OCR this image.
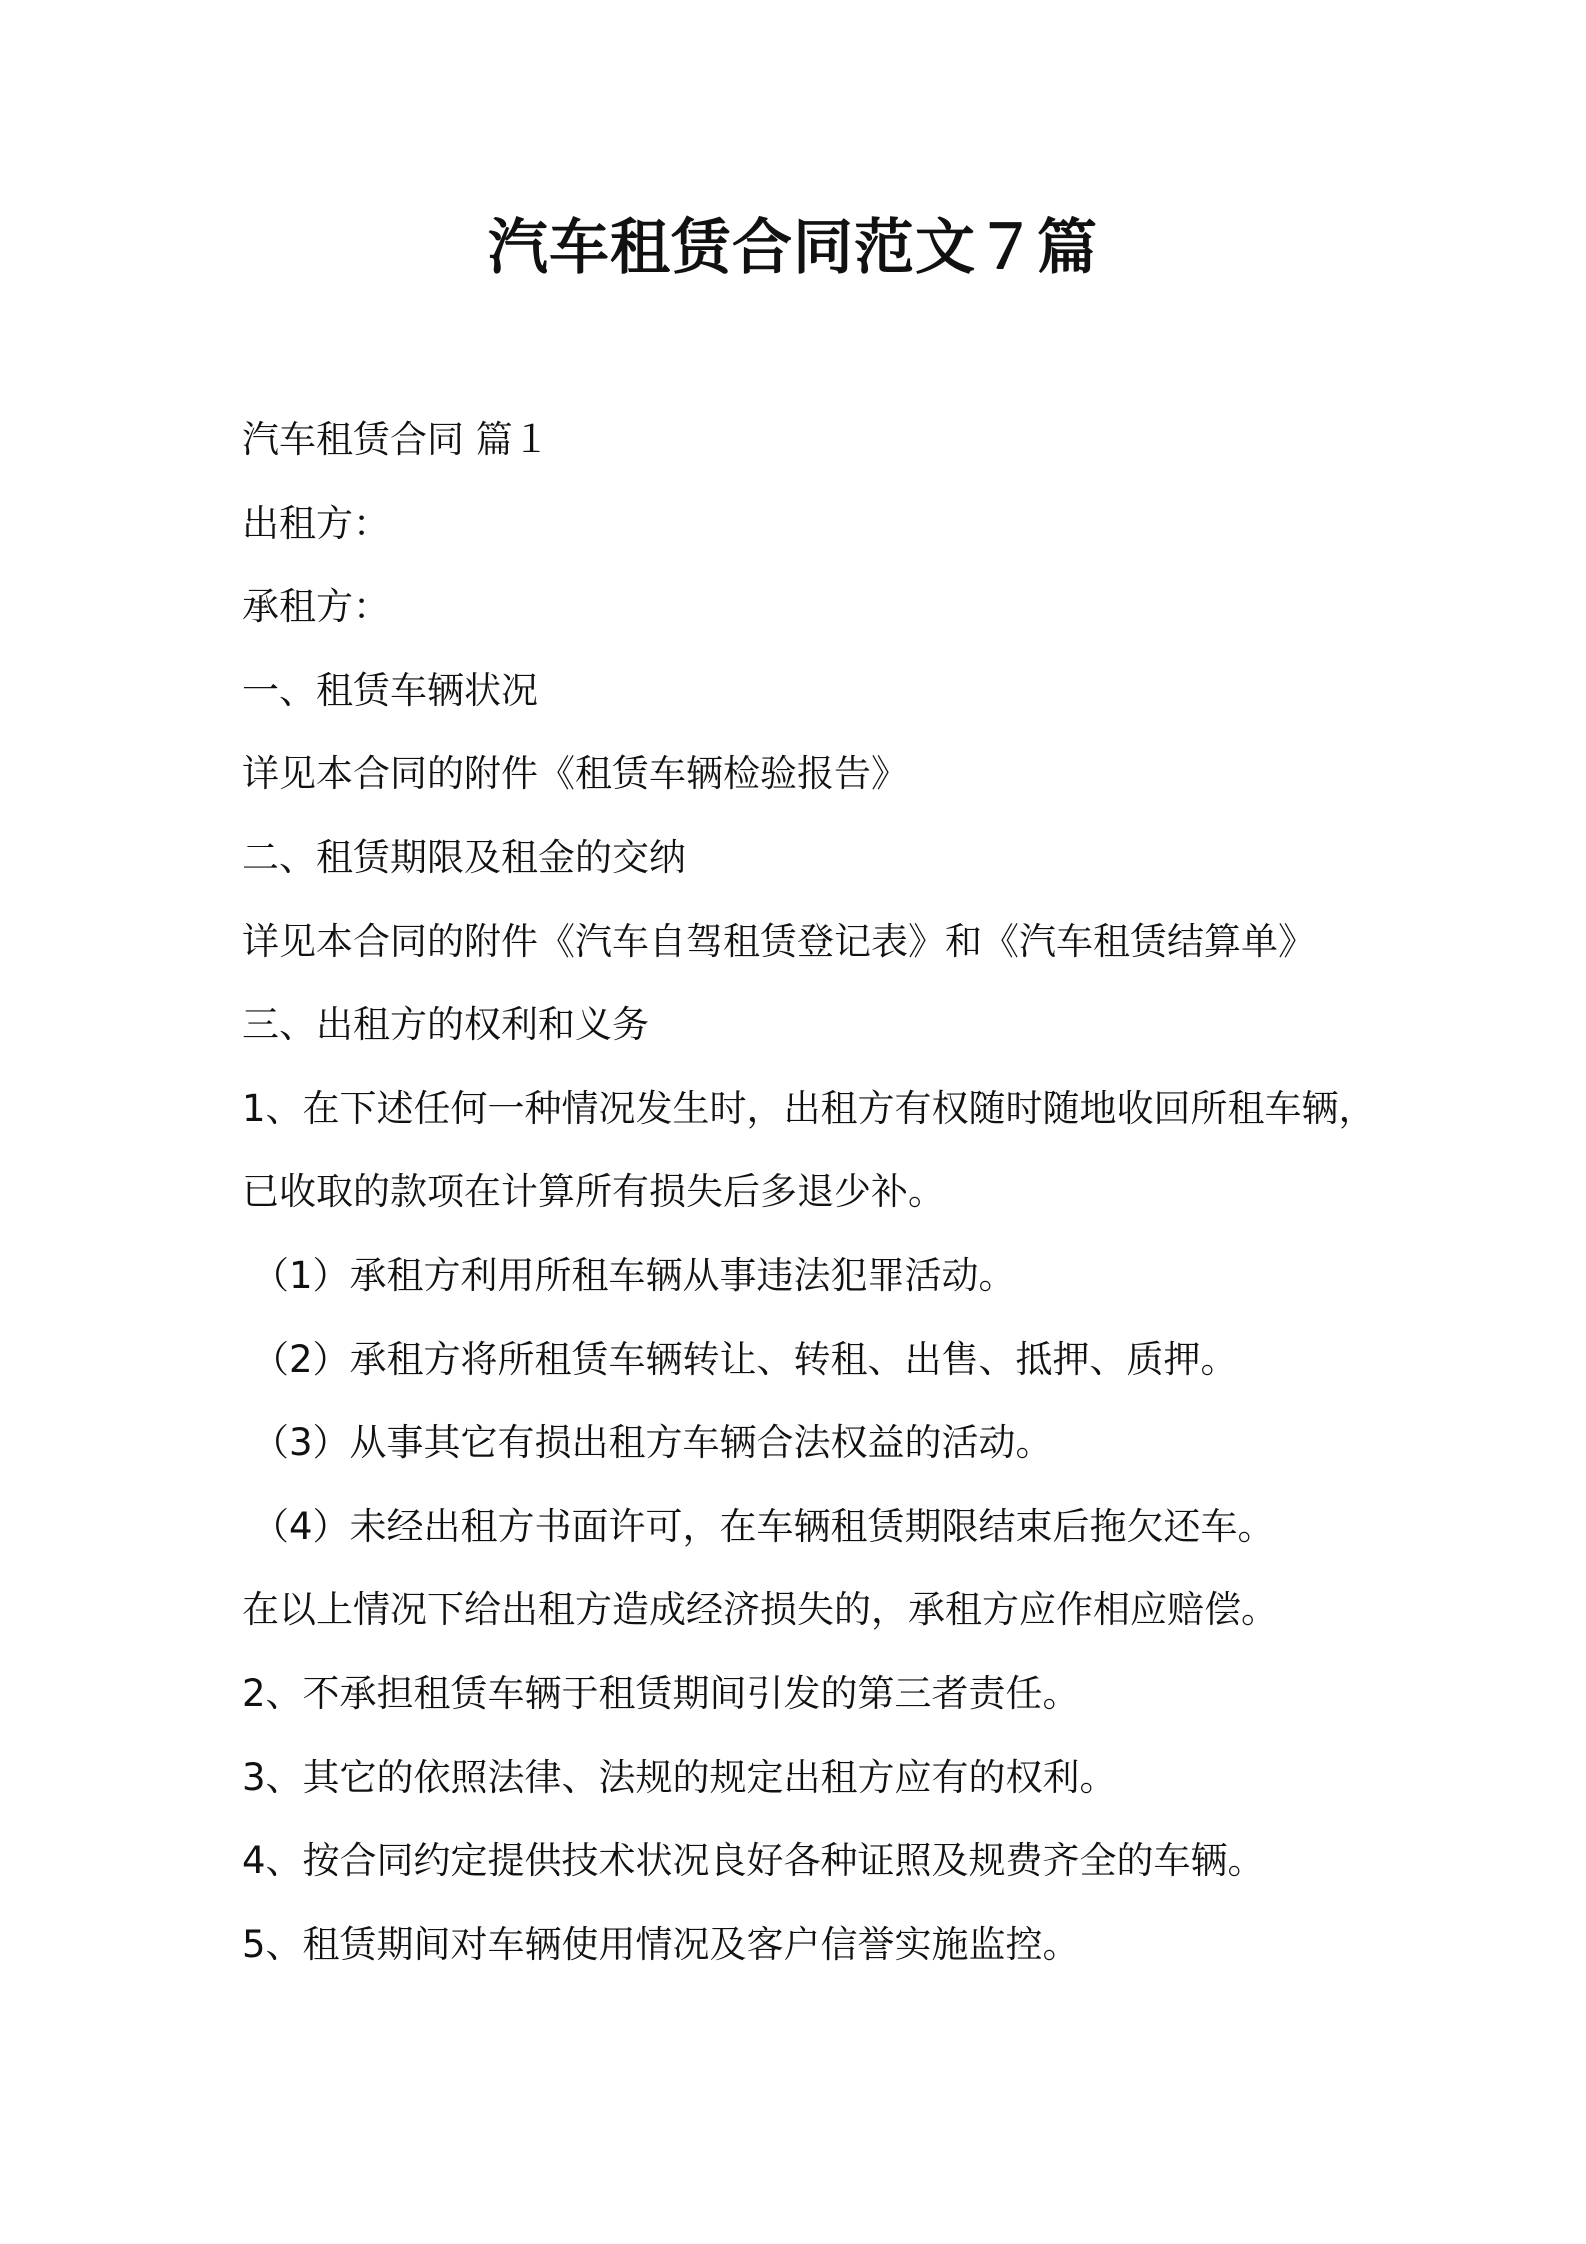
汽车租赁合同范文７篇
汽车租赁合同 篇１
出租方：
承租方：
一、租赁车辆状况
详见本合同的附件《租赁车辆检验报告》
二、租赁期限及租金的交纳
详见本合同的附件《汽车自驾租赁登记表》和《汽车租赁结算单》
三、出租方的权利和义务
1、在下述任何一种情况发生时，出租方有权随时随地收回所租车辆，
已收取的款项在计算所有损失后多退少补。
（1）承租方利用所租车辆从事违法犯罪活动。
（2）承租方将所租赁车辆转让、转租、出售、抵押、质押。
（3）从事其它有损出租方车辆合法权益的活动。
（4）未经出租方书面许可，在车辆租赁期限结束后拖欠还车。
在以上情况下给出租方造成经济损失的，承租方应作相应赔偿。
2、不承担租赁车辆于租赁期间引发的第三者责任。
3、其它的依照法律、法规的规定出租方应有的权利。
4、按合同约定提供技术状况良好各种证照及规费齐全的车辆。
5、租赁期间对车辆使用情况及客户信誉实施监控。
